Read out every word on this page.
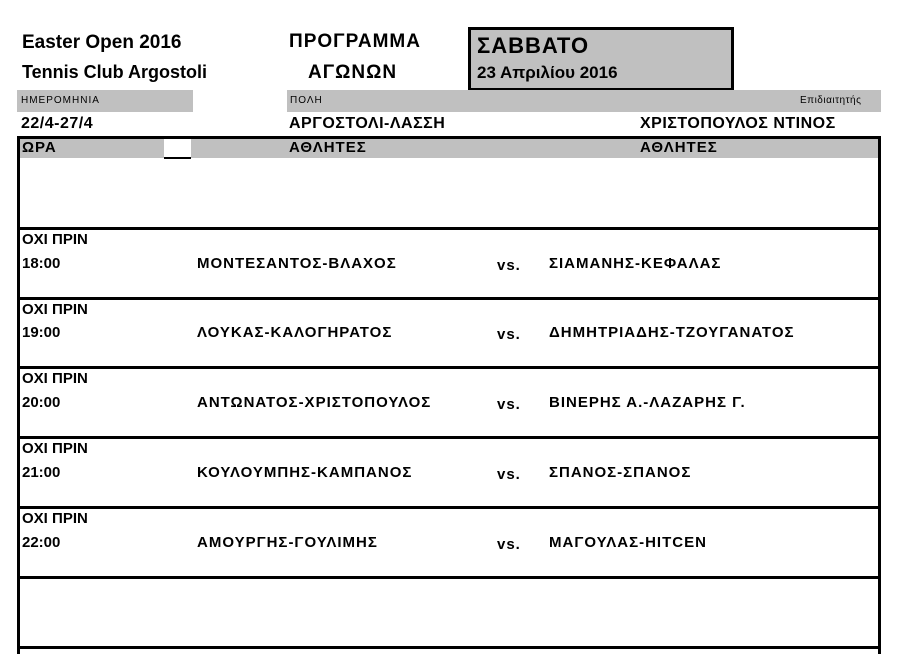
Easter Open 2016
Tennis Club Argostoli
ΠΡΟΓΡΑΜΜΑ
ΑΓΩΝΩΝ
ΣΑΒΒΑΤΟ
23 Απριλίου 2016
ΗΜΕΡΟΜΗΝΙΑ	ΠΟΛΗ	Επιδιαιτητής
22/4-27/4	ΑΡΓΟΣΤΟΛΙ-ΛΑΣΣΗ	ΧΡΙΣΤΟΠΟΥΛΟΣ ΝΤΙΝΟΣ
ΩΡΑ	ΑΘΛΗΤΕΣ	ΑΘΛΗΤΕΣ
ΟΧΙ ΠΡΙΝ
18:00	ΜΟΝΤΕΣΑΝΤΟΣ-ΒΛΑΧΟΣ	vs. ΣΙΑΜΑΝΗΣ-ΚΕΦΑΛΑΣ
ΟΧΙ ΠΡΙΝ
19:00	ΛΟΥΚΑΣ-ΚΑΛΟΓΗΡΑΤΟΣ	vs. ΔΗΜΗΤΡΙΑΔΗΣ-ΤΖΟΥΓΑΝΑΤΟΣ
ΟΧΙ ΠΡΙΝ
20:00	ΑΝΤΩΝΑΤΟΣ-ΧΡΙΣΤΟΠΟΥΛΟΣ	vs. ΒΙΝΕΡΗΣ Α.-ΛΑΖΑΡΗΣ Γ.
ΟΧΙ ΠΡΙΝ
21:00	ΚΟΥΛΟΥΜΠΗΣ-ΚΑΜΠΑΝΟΣ	vs. ΣΠΑΝΟΣ-ΣΠΑΝΟΣ
ΟΧΙ ΠΡΙΝ
22:00	ΑΜΟΥΡΓΗΣ-ΓΟΥΛΙΜΗΣ	vs. ΜΑΓΟΥΛΑΣ-HITCEN
